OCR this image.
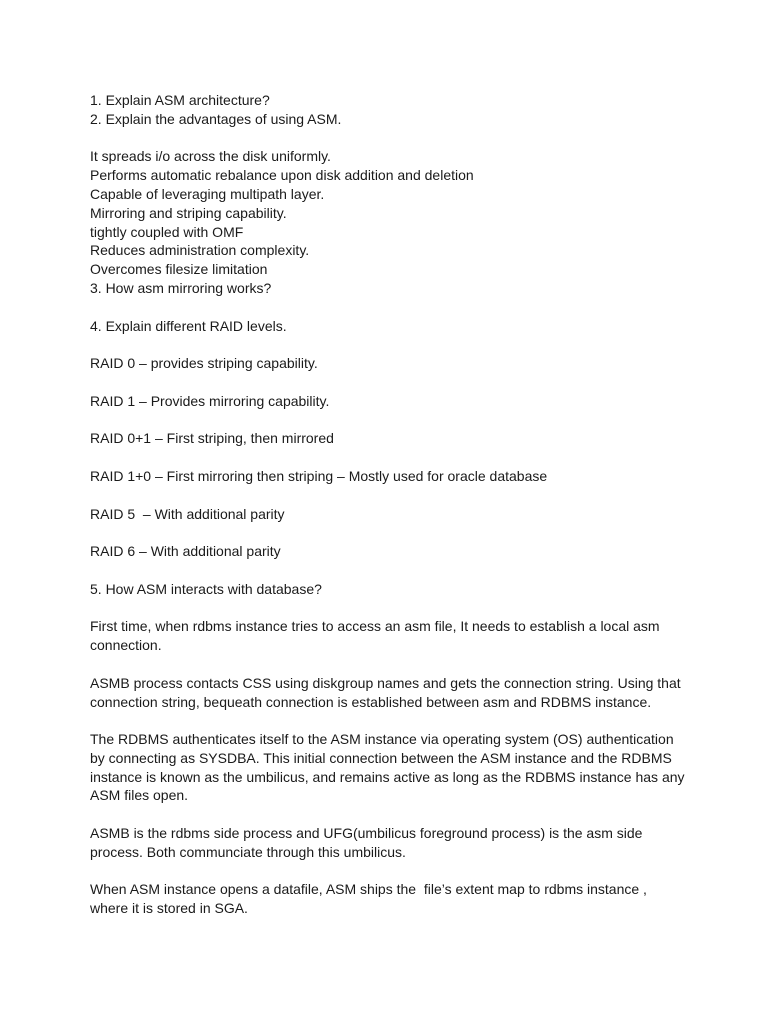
1. Explain ASM architecture?
2. Explain the advantages of using ASM.
It spreads i/o across the disk uniformly.
Performs automatic rebalance upon disk addition and deletion
Capable of leveraging multipath layer.
Mirroring and striping capability.
tightly coupled with OMF
Reduces administration complexity.
Overcomes filesize limitation
3. How asm mirroring works?
4. Explain different RAID levels.
RAID 0 – provides striping capability.
RAID 1 – Provides mirroring capability.
RAID 0+1 – First striping, then mirrored
RAID 1+0 – First mirroring then striping – Mostly used for oracle database
RAID 5  – With additional parity
RAID 6 – With additional parity
5. How ASM interacts with database?
First time, when rdbms instance tries to access an asm file, It needs to establish a local asm
connection.
ASMB process contacts CSS using diskgroup names and gets the connection string. Using that
connection string, bequeath connection is established between asm and RDBMS instance.
The RDBMS authenticates itself to the ASM instance via operating system (OS) authentication
by connecting as SYSDBA. This initial connection between the ASM instance and the RDBMS
instance is known as the umbilicus, and remains active as long as the RDBMS instance has any
ASM files open.
ASMB is the rdbms side process and UFG(umbilicus foreground process) is the asm side
process. Both communciate through this umbilicus.
When ASM instance opens a datafile, ASM ships the  file’s extent map to rdbms instance ,
where it is stored in SGA.
